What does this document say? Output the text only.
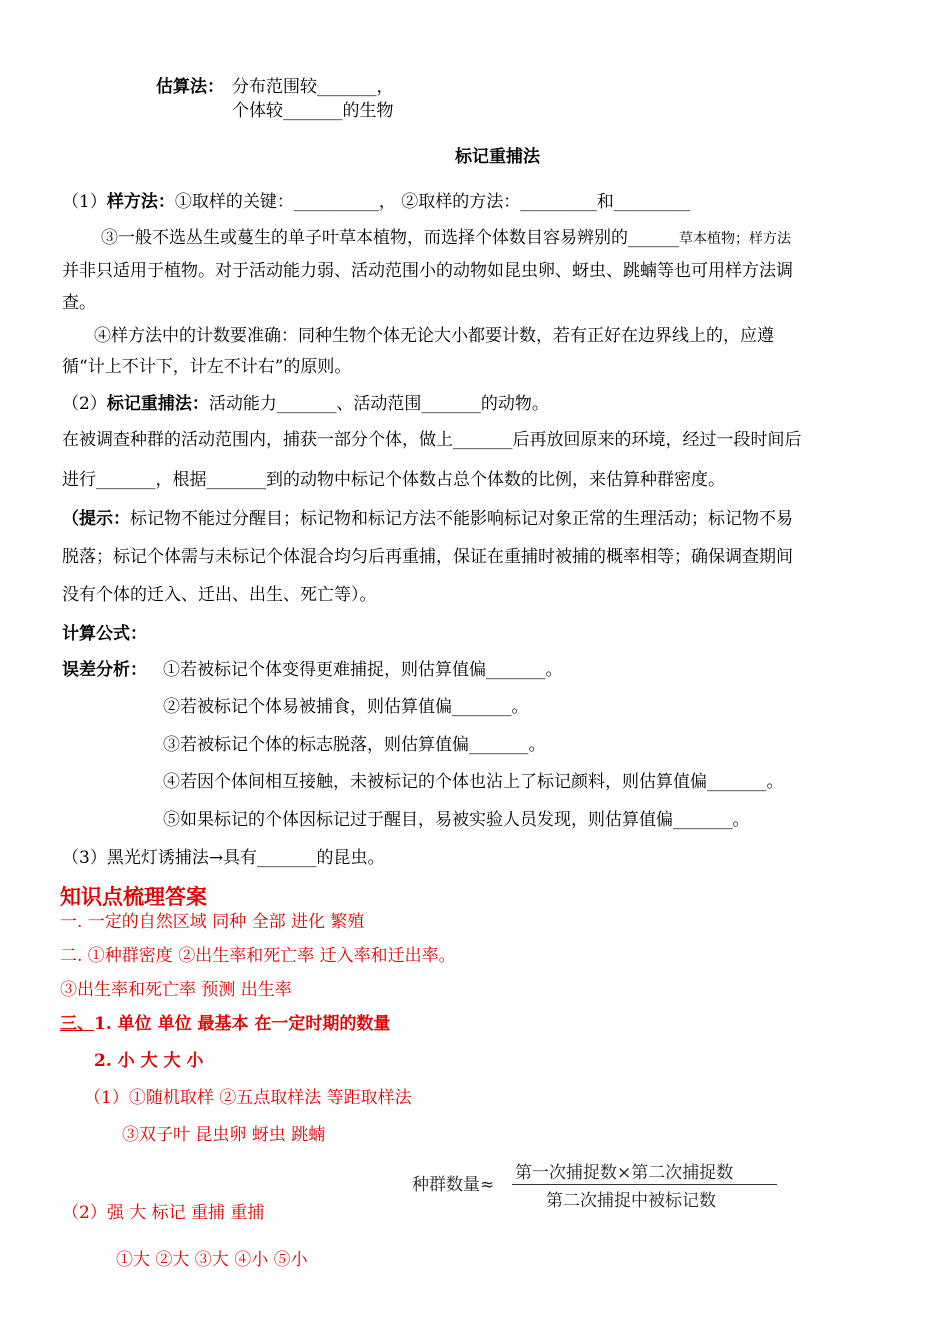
估算法： 分布范围较_______，
个体较_______的生物
标记重捕法
（1）样方法：①取样的关键：__________， ②取样的方法：_________和_________
③一般不选丛生或蔓生的单子叶草本植物，而选择个体数目容易辨别的______草本植物；样方法
并非只适用于植物。对于活动能力弱、活动范围小的动物如昆虫卵、蚜虫、跳蝻等也可用样方法调
查。
④样方法中的计数要准确：同种生物个体无论大小都要计数，若有正好在边界线上的，应遵
循“计上不计下，计左不计右”的原则。
（2）标记重捕法：活动能力_______、活动范围_______的动物。
在被调查种群的活动范围内，捕获一部分个体，做上_______后再放回原来的环境，经过一段时间后
进行_______，根据_______到的动物中标记个体数占总个体数的比例，来估算种群密度。
（提示：标记物不能过分醒目；标记物和标记方法不能影响标记对象正常的生理活动；标记物不易
脱落；标记个体需与未标记个体混合均匀后再重捕，保证在重捕时被捕的概率相等；确保调查期间
没有个体的迁入、迁出、出生、死亡等）。
计算公式：
误差分析： ①若被标记个体变得更难捕捉，则估算值偏_______。
②若被标记个体易被捕食，则估算值偏_______。
③若被标记个体的标志脱落，则估算值偏_______。
④若因个体间相互接触，未被标记的个体也沾上了标记颜料，则估算值偏_______。
⑤如果标记的个体因标记过于醒目，易被实验人员发现，则估算值偏_______。
（3）黑光灯诱捕法→具有_______的昆虫。
知识点梳理答案
一. 一定的自然区域 同种 全部 进化 繁殖
二. ①种群密度 ②出生率和死亡率 迁入率和迁出率。
③出生率和死亡率 预测 出生率
三、1. 单位 单位 最基本 在一定时期的数量
2. 小 大 大 小
（1）①随机取样 ②五点取样法 等距取样法
③双子叶 昆虫卵 蚜虫 跳蝻
种群数量≈
第一次捕捉数×第二次捕捉数
第二次捕捉中被标记数
（2）强 大 标记 重捕 重捕
①大 ②大 ③大 ④小 ⑤小
